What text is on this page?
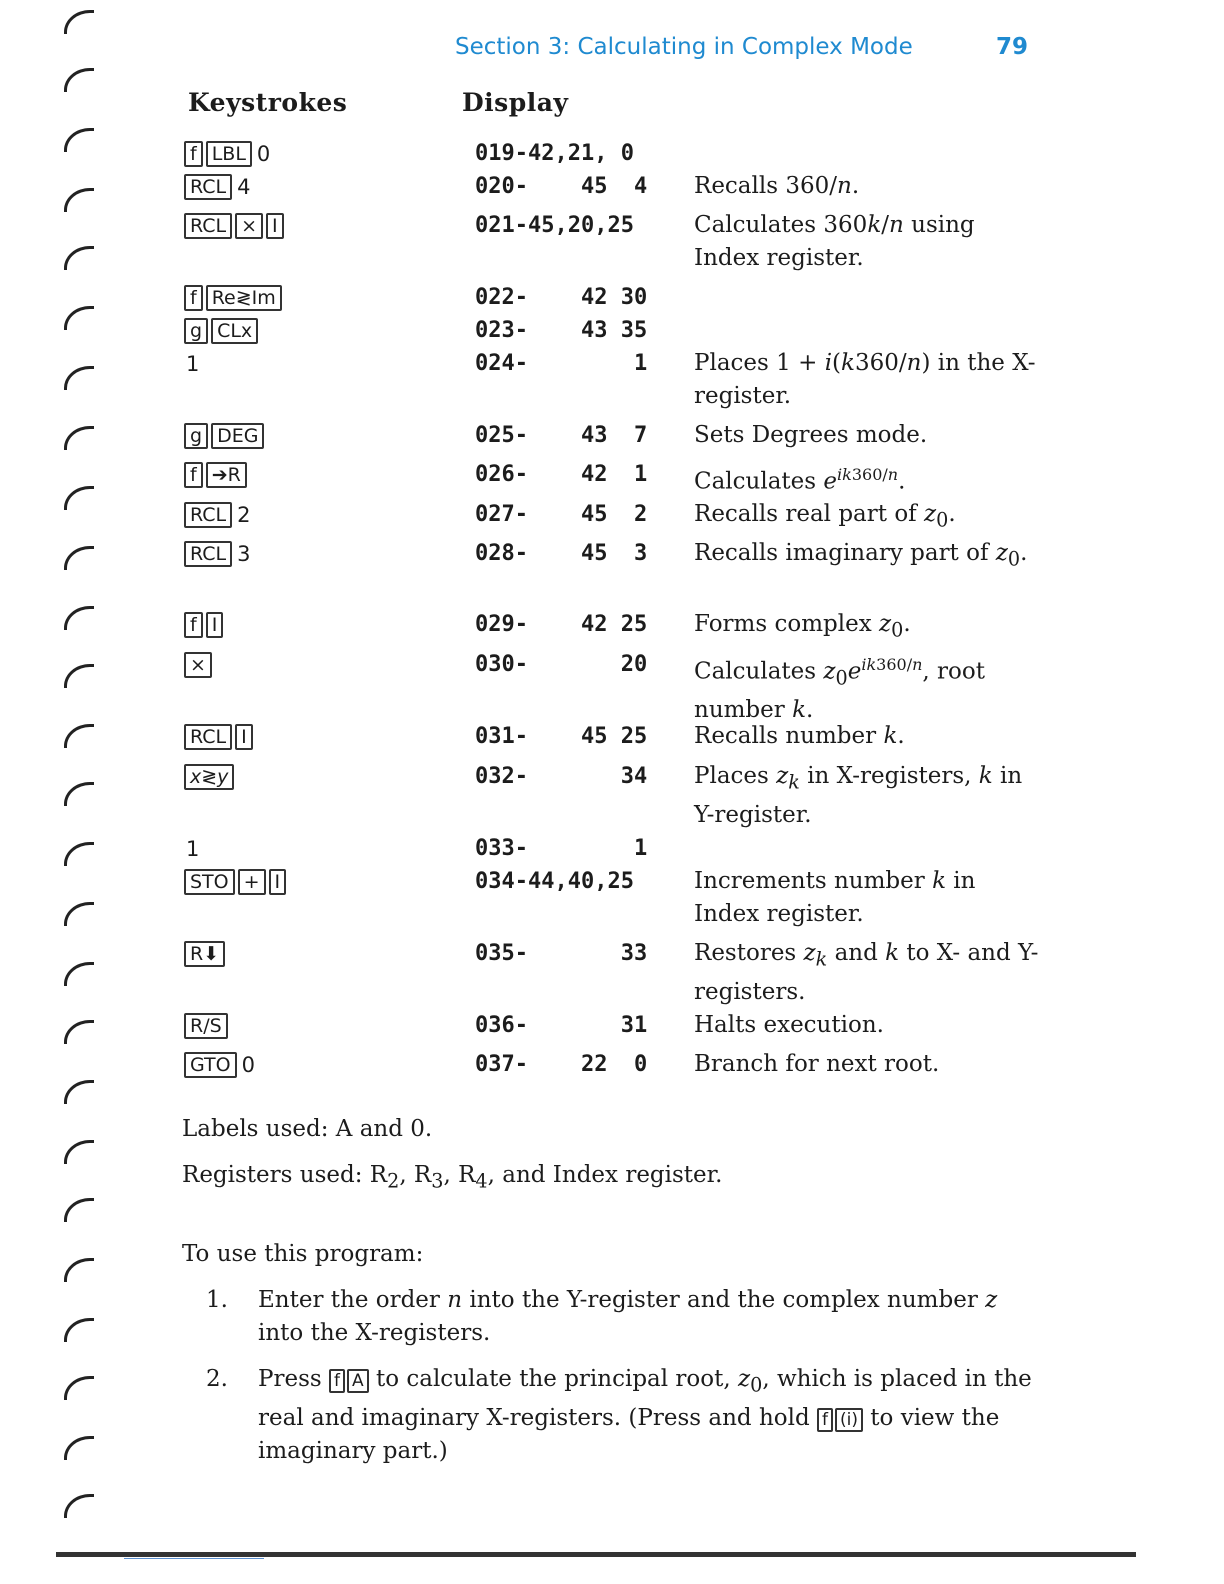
Section 3: Calculating in Complex Mode	79
Keystrokes	Display
f LBL 0	019-42,21, 0
RCL 4	020-    45  4	Recalls 360/n.
RCL × I	021-45,20,25	Calculates 360k/n using Index register.
f Re≷Im	022-    42 30
g CLx	023-    43 35
1	024-        1	Places 1 + i(k360/n) in the X-register.
g DEG	025-    43  7	Sets Degrees mode.
f ➔R	026-    42  1	Calculates $e^{ik360/n}$.
RCL 2	027-    45  2	Recalls real part of $z_0$.
RCL 3	028-    45  3	Recalls imaginary part of $z_0$.
f I	029-    42 25	Forms complex $z_0$.
×	030-       20	Calculates $z_0e^{ik360/n}$, root number k.
RCL I	031-    45 25	Recalls number k.
x≷y	032-       34	Places $z_k$ in X-registers, k in Y-register.
1	033-        1
STO + I	034-44,40,25	Increments number k in Index register.
R⬇	035-       33	Restores $z_k$ and k to X- and Y-registers.
R/S	036-       31	Halts execution.
GTO 0	037-    22  0	Branch for next root.
Labels used: A and 0.
Registers used: $R_2$, $R_3$, $R_4$, and Index register.
To use this program:
1. Enter the order n into the Y-register and the complex number z into the X-registers.
2. Press f A to calculate the principal root, $z_0$, which is placed in the real and imaginary X-registers. (Press and hold f (i) to view the imaginary part.)
